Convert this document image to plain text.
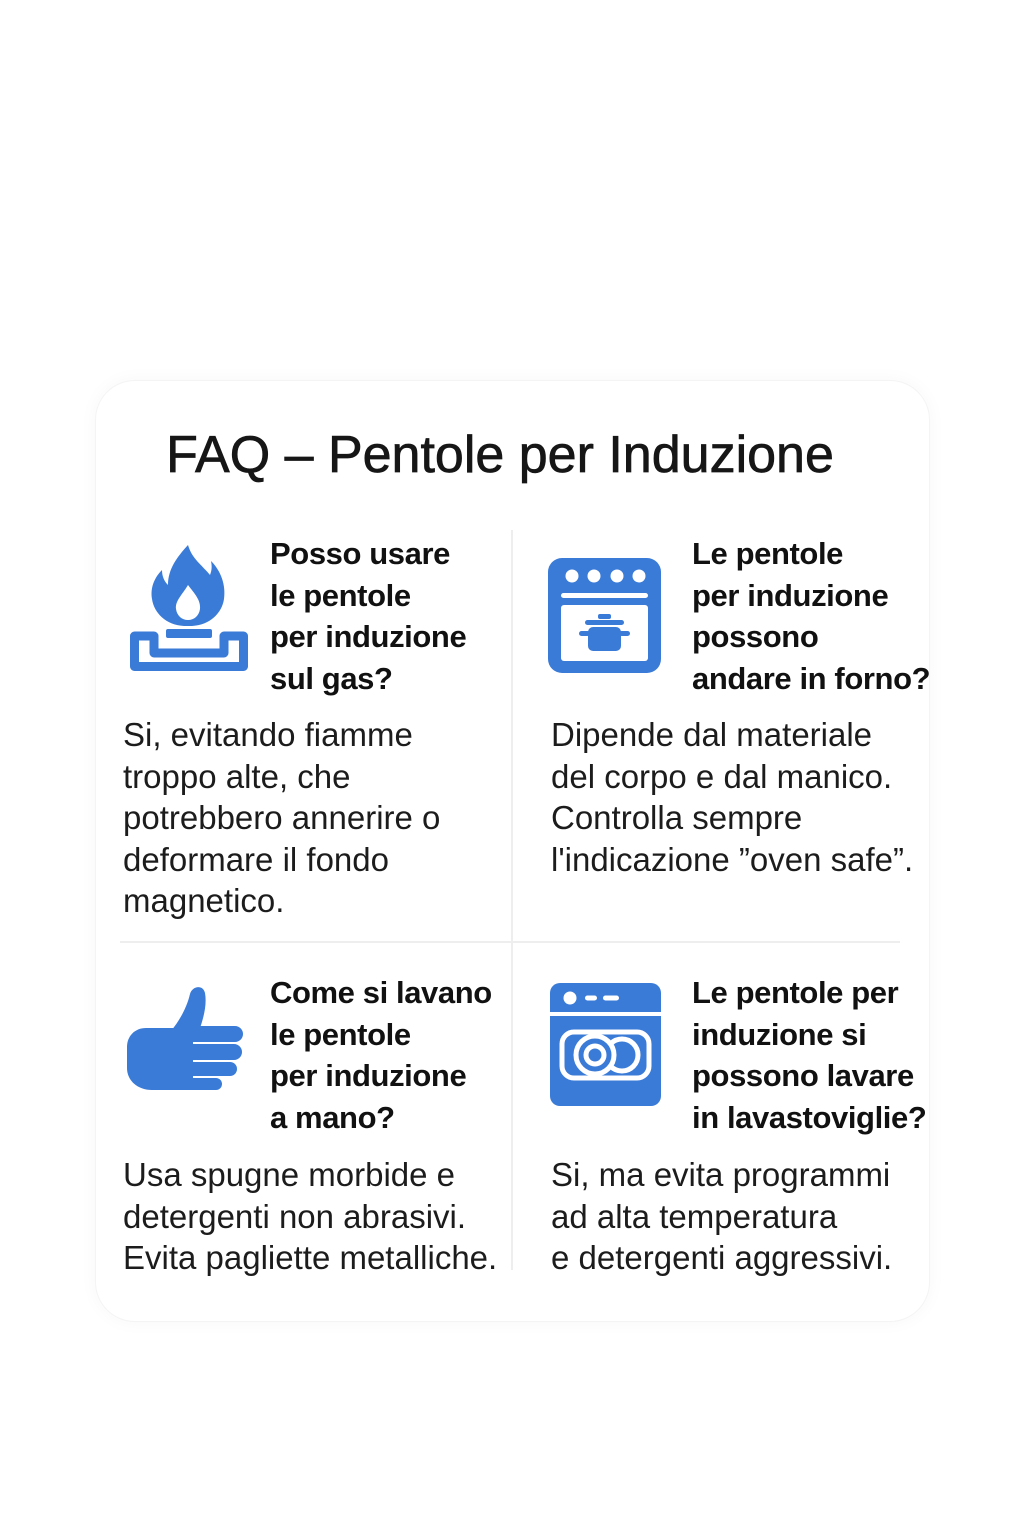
FAQ – Pentole per Induzione
Posso usare
le pentole
per induzione
sul gas?
Si, evitando fiamme
troppo alte, che
potrebbero annerire o
deformare il fondo
magnetico.
Le pentole
per induzione
possono
andare in forno?
Dipende dal materiale
del corpo e dal manico.
Controlla sempre
l'indicazione ”oven safe”.
Come si lavano
le pentole
per induzione
a mano?
Usa spugne morbide e
detergenti non abrasivi.
Evita pagliette metalliche.
Le pentole per
induzione si
possono lavare
in lavastoviglie?
Si, ma evita programmi
ad alta temperatura
e detergenti aggressivi.
